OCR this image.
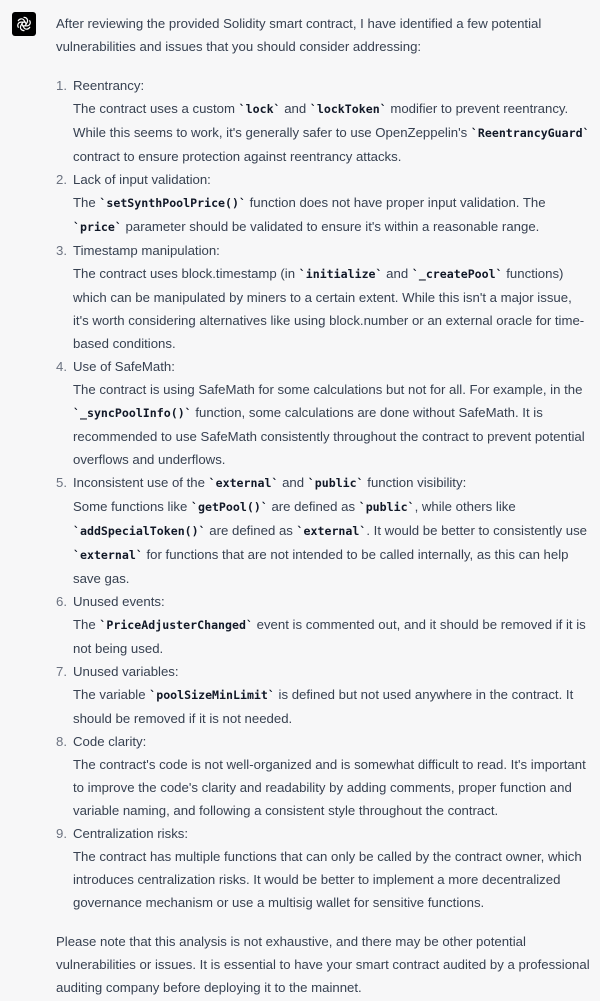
After reviewing the provided Solidity smart contract, I have identified a few potential vulnerabilities and issues that you should consider addressing:

1. Reentrancy:
The contract uses a custom `lock` and `lockToken` modifier to prevent reentrancy. While this seems to work, it's generally safer to use OpenZeppelin's `ReentrancyGuard` contract to ensure protection against reentrancy attacks.
2. Lack of input validation:
The `setSynthPoolPrice()` function does not have proper input validation. The `price` parameter should be validated to ensure it's within a reasonable range.
3. Timestamp manipulation:
The contract uses block.timestamp (in `initialize` and `_createPool` functions) which can be manipulated by miners to a certain extent. While this isn't a major issue, it's worth considering alternatives like using block.number or an external oracle for time-based conditions.
4. Use of SafeMath:
The contract is using SafeMath for some calculations but not for all. For example, in the `_syncPoolInfo()` function, some calculations are done without SafeMath. It is recommended to use SafeMath consistently throughout the contract to prevent potential overflows and underflows.
5. Inconsistent use of the `external` and `public` function visibility:
Some functions like `getPool()` are defined as `public`, while others like `addSpecialToken()` are defined as `external`. It would be better to consistently use `external` for functions that are not intended to be called internally, as this can help save gas.
6. Unused events:
The `PriceAdjusterChanged` event is commented out, and it should be removed if it is not being used.
7. Unused variables:
The variable `poolSizeMinLimit` is defined but not used anywhere in the contract. It should be removed if it is not needed.
8. Code clarity:
The contract's code is not well-organized and is somewhat difficult to read. It's important to improve the code's clarity and readability by adding comments, proper function and variable naming, and following a consistent style throughout the contract.
9. Centralization risks:
The contract has multiple functions that can only be called by the contract owner, which introduces centralization risks. It would be better to implement a more decentralized governance mechanism or use a multisig wallet for sensitive functions.

Please note that this analysis is not exhaustive, and there may be other potential vulnerabilities or issues. It is essential to have your smart contract audited by a professional auditing company before deploying it to the mainnet.
